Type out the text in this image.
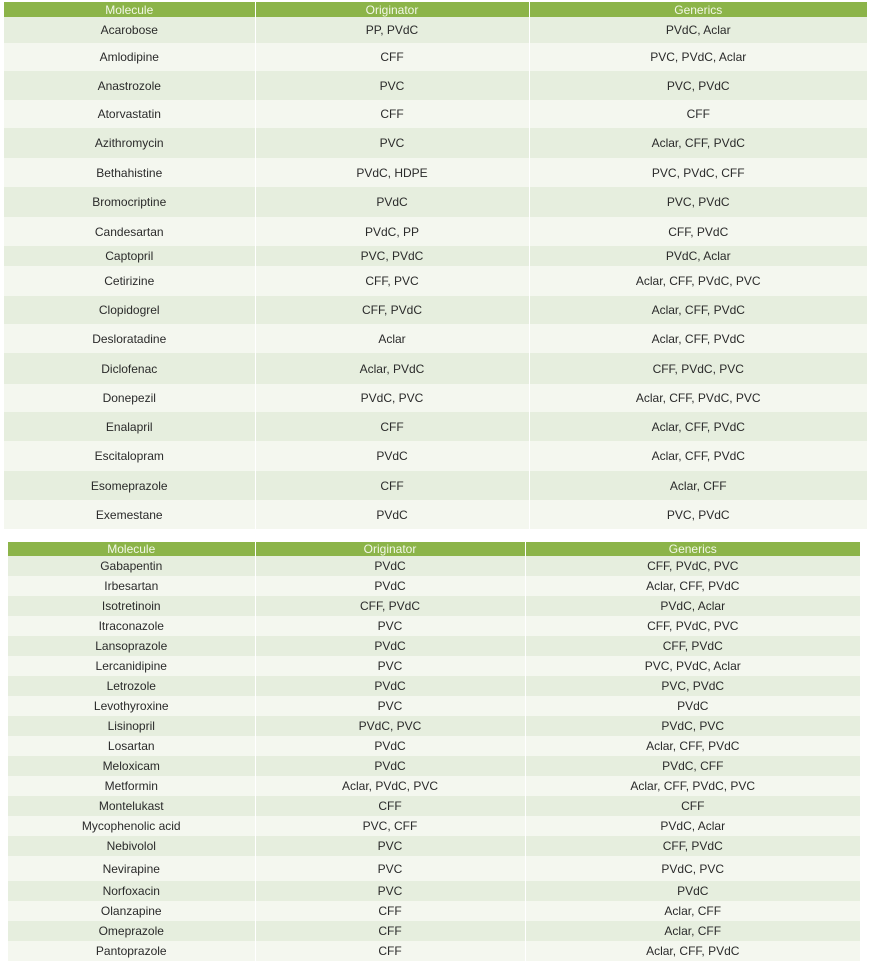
Molecule	Originator	Generics
Acarobose	PP, PVdC	PVdC, Aclar
Amlodipine	CFF	PVC, PVdC, Aclar
Anastrozole	PVC	PVC, PVdC
Atorvastatin	CFF	CFF
Azithromycin	PVC	Aclar, CFF, PVdC
Bethahistine	PVdC, HDPE	PVC, PVdC, CFF
Bromocriptine	PVdC	PVC, PVdC
Candesartan	PVdC, PP	CFF, PVdC
Captopril	PVC, PVdC	PVdC, Aclar
Cetirizine	CFF, PVC	Aclar, CFF, PVdC, PVC
Clopidogrel	CFF, PVdC	Aclar, CFF, PVdC
Desloratadine	Aclar	Aclar, CFF, PVdC
Diclofenac	Aclar, PVdC	CFF, PVdC, PVC
Donepezil	PVdC, PVC	Aclar, CFF, PVdC, PVC
Enalapril	CFF	Aclar, CFF, PVdC
Escitalopram	PVdC	Aclar, CFF, PVdC
Esomeprazole	CFF	Aclar, CFF
Exemestane	PVdC	PVC, PVdC
Molecule	Originator	Generics
Gabapentin	PVdC	CFF, PVdC, PVC
Irbesartan	PVdC	Aclar, CFF, PVdC
Isotretinoin	CFF, PVdC	PVdC, Aclar
Itraconazole	PVC	CFF, PVdC, PVC
Lansoprazole	PVdC	CFF, PVdC
Lercanidipine	PVC	PVC, PVdC, Aclar
Letrozole	PVdC	PVC, PVdC
Levothyroxine	PVC	PVdC
Lisinopril	PVdC, PVC	PVdC, PVC
Losartan	PVdC	Aclar, CFF, PVdC
Meloxicam	PVdC	PVdC, CFF
Metformin	Aclar, PVdC, PVC	Aclar, CFF, PVdC, PVC
Montelukast	CFF	CFF
Mycophenolic acid	PVC, CFF	PVdC, Aclar
Nebivolol	PVC	CFF, PVdC
Nevirapine	PVC	PVdC, PVC
Norfoxacin	PVC	PVdC
Olanzapine	CFF	Aclar, CFF
Omeprazole	CFF	Aclar, CFF
Pantoprazole	CFF	Aclar, CFF, PVdC
